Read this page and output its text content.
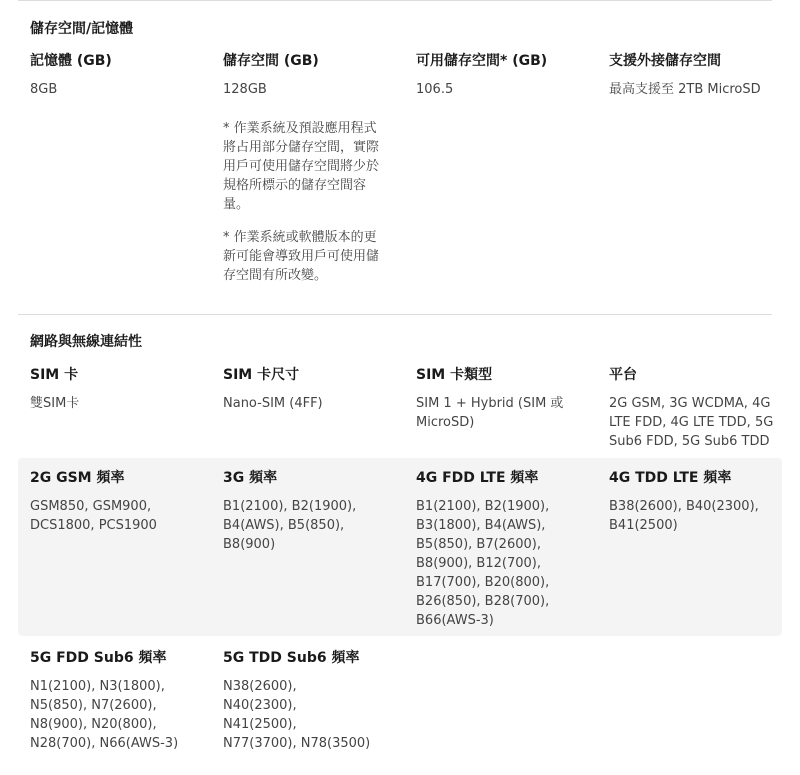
儲存空間/記憶體
記憶體 (GB)
8GB
儲存空間 (GB)
128GB
* 作業系統及預設應用程式將占用部分儲存空間，實際用戶可使用儲存空間將少於規格所標示的儲存空間容量。
* 作業系統或軟體版本的更新可能會導致用戶可使用儲存空間有所改變。
可用儲存空間* (GB)
106.5
支援外接儲存空間
最高支援至 2TB MicroSD
網路與無線連結性
SIM 卡
雙SIM卡
SIM 卡尺寸
Nano-SIM (4FF)
SIM 卡類型
SIM 1 + Hybrid (SIM 或 MicroSD)
平台
2G GSM, 3G WCDMA, 4G LTE FDD, 4G LTE TDD, 5G Sub6 FDD, 5G Sub6 TDD
2G GSM 頻率
GSM850, GSM900, DCS1800, PCS1900
3G 頻率
B1(2100), B2(1900), B4(AWS), B5(850), B8(900)
4G FDD LTE 頻率
B1(2100), B2(1900), B3(1800), B4(AWS), B5(850), B7(2600), B8(900), B12(700), B17(700), B20(800), B26(850), B28(700), B66(AWS-3)
4G TDD LTE 頻率
B38(2600), B40(2300), B41(2500)
5G FDD Sub6 頻率
N1(2100), N3(1800), N5(850), N7(2600), N8(900), N20(800), N28(700), N66(AWS-3)
5G TDD Sub6 頻率
N38(2600), N40(2300), N41(2500), N77(3700), N78(3500)
